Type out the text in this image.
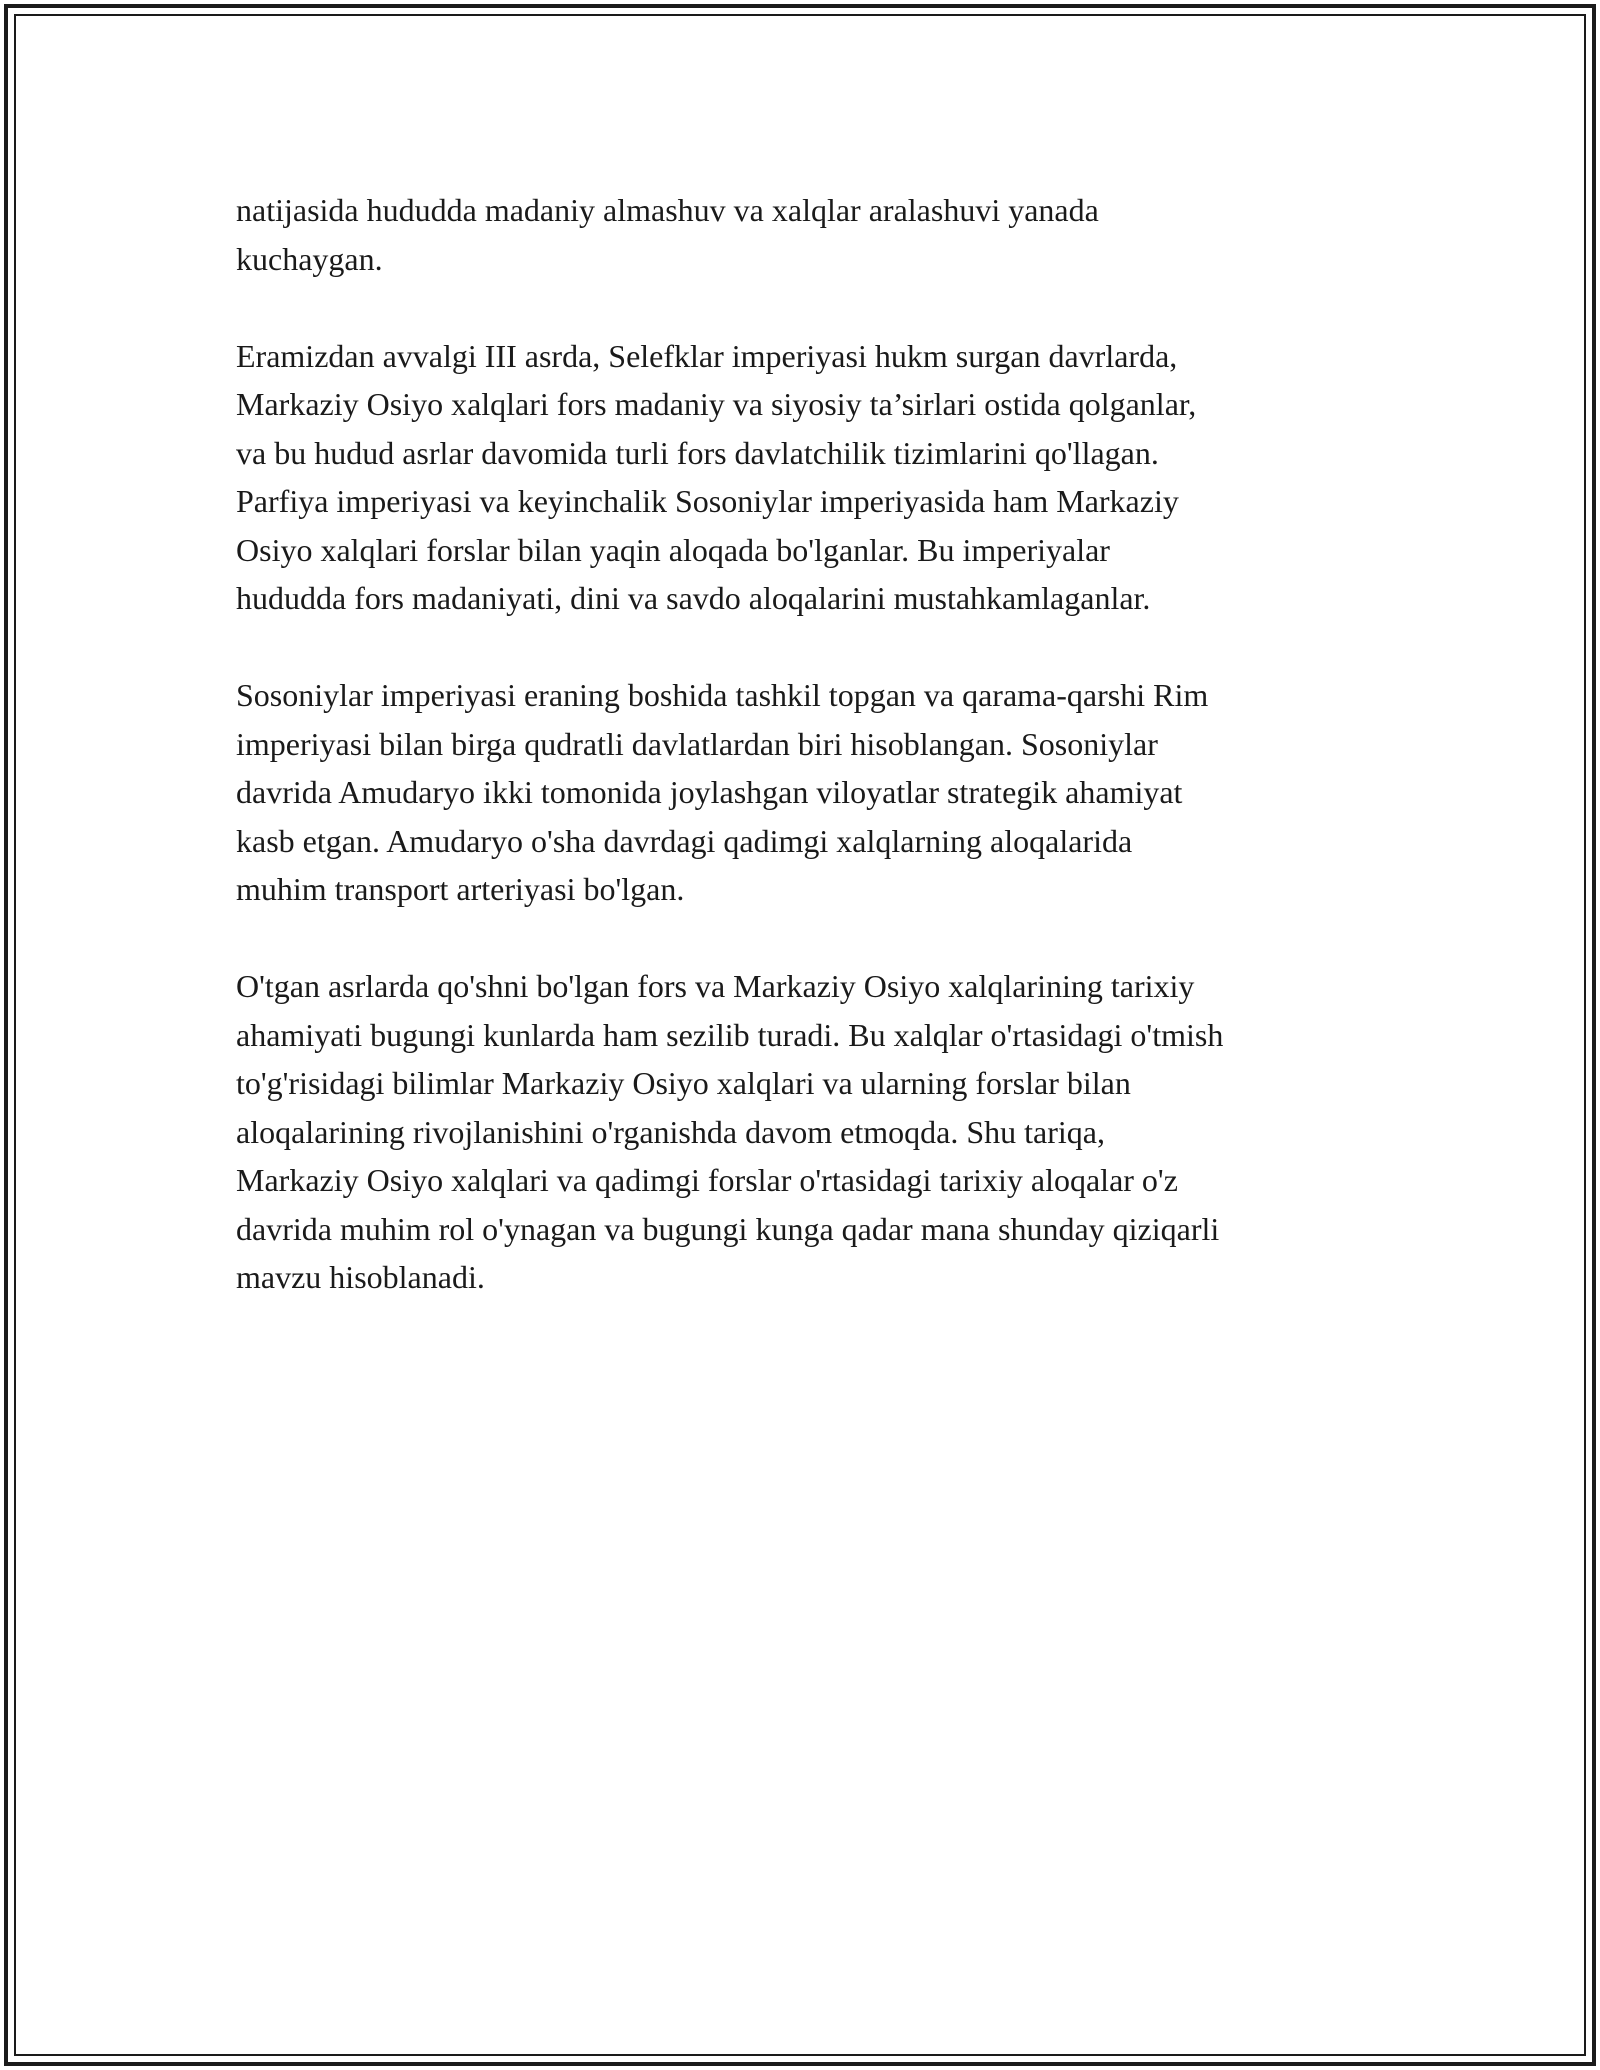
natijasida hududda madaniy almashuv va xalqlar aralashuvi yanada
kuchaygan.
Eramizdan avvalgi III asrda, Selefklar imperiyasi hukm surgan davrlarda,
Markaziy Osiyo xalqlari fors madaniy va siyosiy ta’sirlari ostida qolganlar,
va bu hudud asrlar davomida turli fors davlatchilik tizimlarini qo'llagan.
Parfiya imperiyasi va keyinchalik Sosoniylar imperiyasida ham Markaziy
Osiyo xalqlari forslar bilan yaqin aloqada bo'lganlar. Bu imperiyalar
hududda fors madaniyati, dini va savdo aloqalarini mustahkamlaganlar.
Sosoniylar imperiyasi eraning boshida tashkil topgan va qarama-qarshi Rim
imperiyasi bilan birga qudratli davlatlardan biri hisoblangan. Sosoniylar
davrida Amudaryo ikki tomonida joylashgan viloyatlar strategik ahamiyat
kasb etgan. Amudaryo o'sha davrdagi qadimgi xalqlarning aloqalarida
muhim transport arteriyasi bo'lgan.
O'tgan asrlarda qo'shni bo'lgan fors va Markaziy Osiyo xalqlarining tarixiy
ahamiyati bugungi kunlarda ham sezilib turadi. Bu xalqlar o'rtasidagi o'tmish
to'g'risidagi bilimlar Markaziy Osiyo xalqlari va ularning forslar bilan
aloqalarining rivojlanishini o'rganishda davom etmoqda. Shu tariqa,
Markaziy Osiyo xalqlari va qadimgi forslar o'rtasidagi tarixiy aloqalar o'z
davrida muhim rol o'ynagan va bugungi kunga qadar mana shunday qiziqarli
mavzu hisoblanadi.
